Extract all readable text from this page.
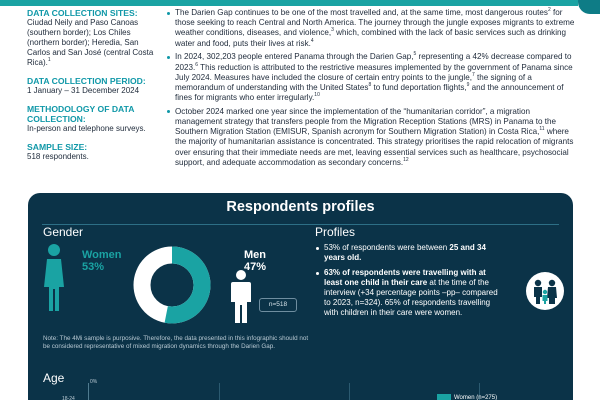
DATA COLLECTION SITES:
Ciudad Neily and Paso Canoas (southern border); Los Chiles (northern border); Heredia, San Carlos and San José (central Costa Rica).$^1$
DATA COLLECTION PERIOD:
1 January – 31 December 2024
METHODOLOGY OF DATA COLLECTION:
In-person and telephone surveys.
SAMPLE SIZE:
518 respondents.
The Darien Gap continues to be one of the most travelled and, at the same time, most dangerous routes$^2$ for those seeking to reach Central and North America. The journey through the jungle exposes migrants to extreme weather conditions, diseases, and violence,$^3$ which, combined with the lack of basic services such as drinking water and food, puts their lives at risk.$^4$
In 2024, 302,203 people entered Panama through the Darien Gap,$^5$ representing a 42% decrease compared to 2023.$^6$ This reduction is attributed to the restrictive measures implemented by the government of Panama since July 2024. Measures have included the closure of certain entry points to the jungle,$^7$ the signing of a memorandum of understanding with the United States$^8$ to fund deportation flights,$^9$ and the announcement of fines for migrants who enter irregularly.$^{10}$
October 2024 marked one year since the implementation of the “humanitarian corridor”, a migration management strategy that transfers people from the Migration Reception Stations (MRS) in Panama to the Southern Migration Station (EMISUR, Spanish acronym for Southern Migration Station) in Costa Rica,$^{11}$ where the majority of humanitarian assistance is concentrated. This strategy prioritises the rapid relocation of migrants over ensuring that their immediate needs are met, leaving essential services such as healthcare, psychosocial support, and adequate accommodation as secondary concerns.$^{12}$
Respondents profiles
Gender	Profiles
Women
53%
Men
47%
n=518
Note: The 4Mi sample is purposive. Therefore, the data presented in this infographic should not be considered representative of mixed migration dynamics through the Darien Gap.
53% of respondents were between 25 and 34 years old.
63% of respondents were travelling with at least one child in their care at the time of the interview (+34 percentage points –pp– compared to 2023, n=324). 65% of respondents travelling with children in their care were women.
Age	0%
18-24	Women (n=275)
